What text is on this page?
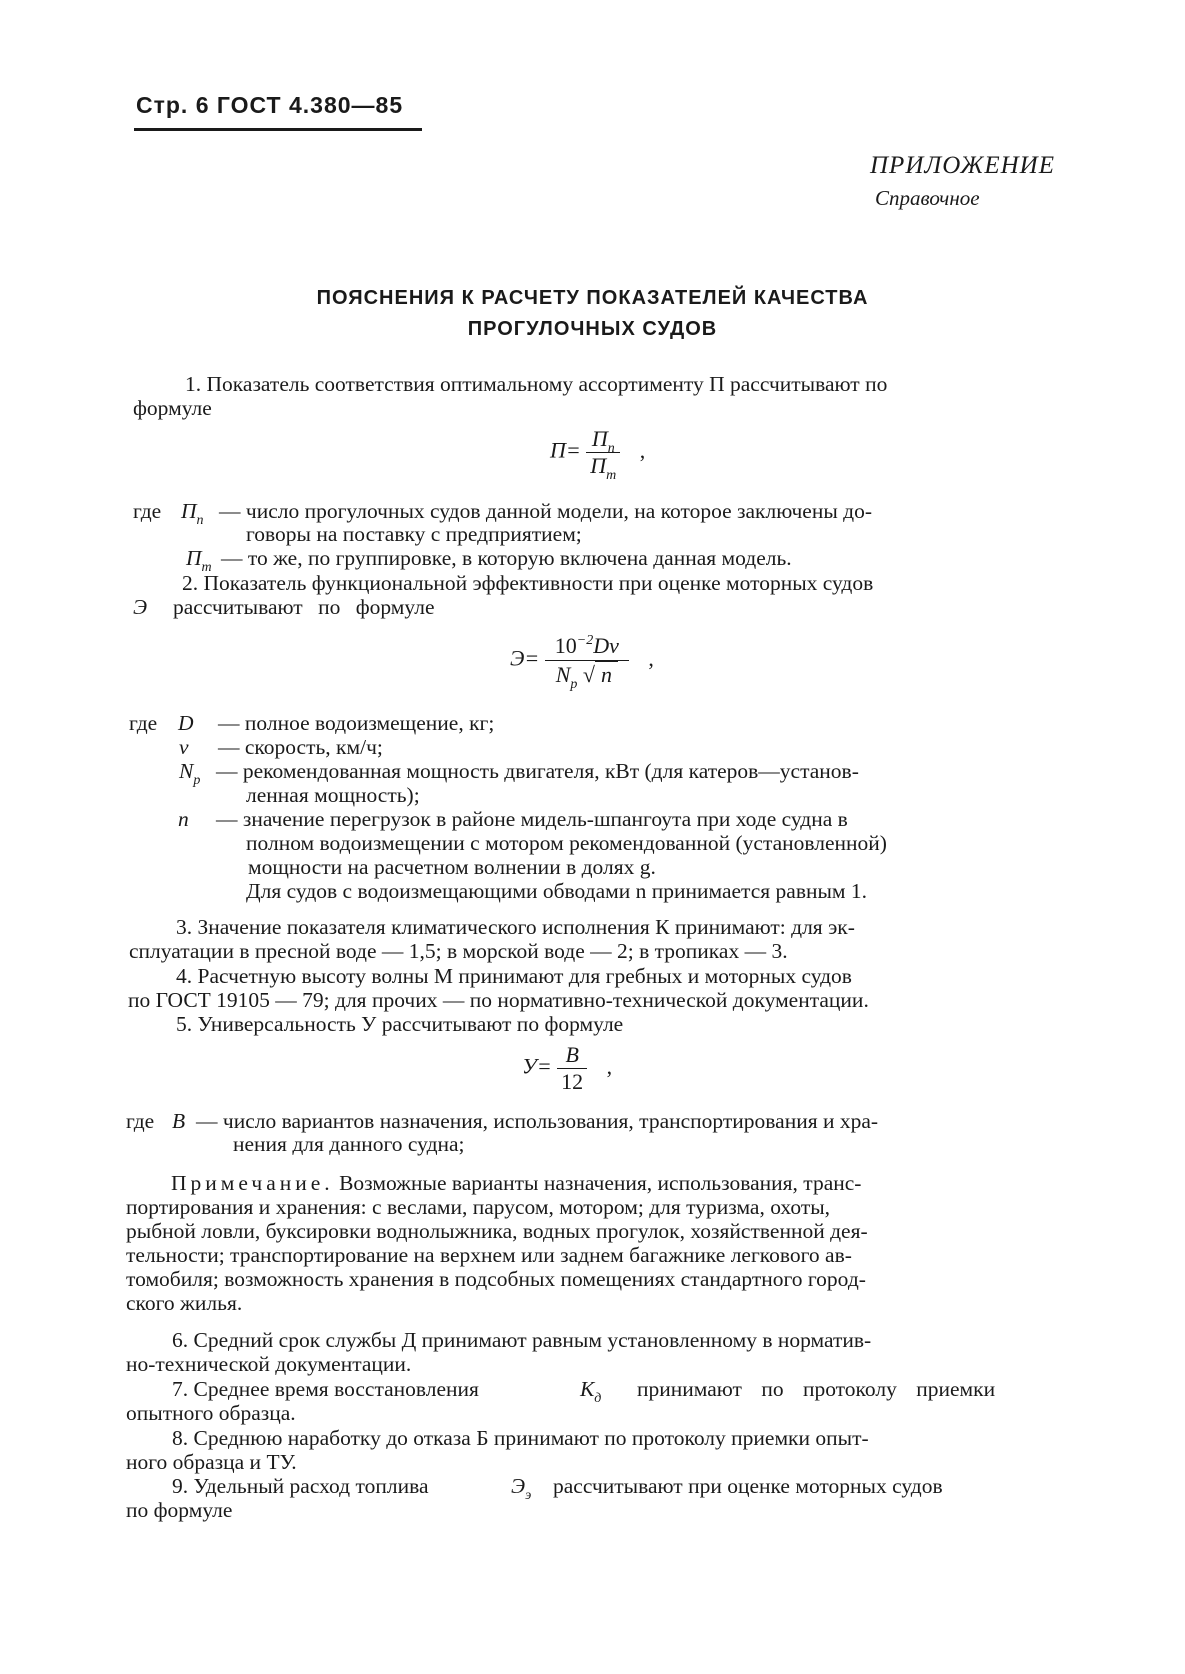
Стр. 6 ГОСТ 4.380—85
ПРИЛОЖЕНИЕ
Справочное
ПОЯСНЕНИЯ К РАСЧЕТУ ПОКАЗАТЕЛЕЙ КАЧЕСТВА
ПРОГУЛОЧНЫХ СУДОВ
1. Показатель соответствия оптимальному ассортименту П рассчитывают по
формуле
$П= \frac{П_п}{П_т}$ ,
где $П_п$ — число прогулочных судов данной модели, на которое заключены до-
говоры на поставку с предприятием;
$П_т$ — то же, по группировке, в которую включена данная модель.
2. Показатель функциональной эффективности при оценке моторных судов
Э рассчитывают по формуле
$Э= \frac{10^{-2}Dv}{N_р √ n}$ ,
где D — полное водоизмещение, кг;
v — скорость, км/ч;
$N_р$ — рекомендованная мощность двигателя, кВт (для катеров—установ-
ленная мощность);
n — значение перегрузок в районе мидель-шпангоута при ходе судна в
полном водоизмещении с мотором рекомендованной (установленной)
мощности на расчетном волнении в долях g.
Для судов с водоизмещающими обводами n принимается равным 1.
3. Значение показателя климатического исполнения К принимают: для эк-
сплуатации в пресной воде — 1,5; в морской воде — 2; в тропиках — 3.
4. Расчетную высоту волны М принимают для гребных и моторных судов
по ГОСТ 19105 — 79; для прочих — по нормативно-технической документации.
5. Универсальность У рассчитывают по формуле
$У= \frac{В}{12}$ ,
где В — число вариантов назначения, использования, транспортирования и хра-
нения для данного судна;
Примечание. Возможные варианты назначения, использования, транс-
портирования и хранения: с веслами, парусом, мотором; для туризма, охоты,
рыбной ловли, буксировки воднолыжника, водных прогулок, хозяйственной дея-
тельности; транспортирование на верхнем или заднем багажнике легкового ав-
томобиля; возможность хранения в подсобных помещениях стандартного город-
ского жилья.
6. Средний срок службы Д принимают равным установленному в норматив-
но-технической документации.
7. Среднее время восстановления	$К_д$ принимают по протоколу приемки
опытного образца.
8. Среднюю наработку до отказа Б принимают по протоколу приемки опыт-
ного образца и ТУ.
9. Удельный расход топлива	$Э_э$ рассчитывают при оценке моторных судов
по формуле
